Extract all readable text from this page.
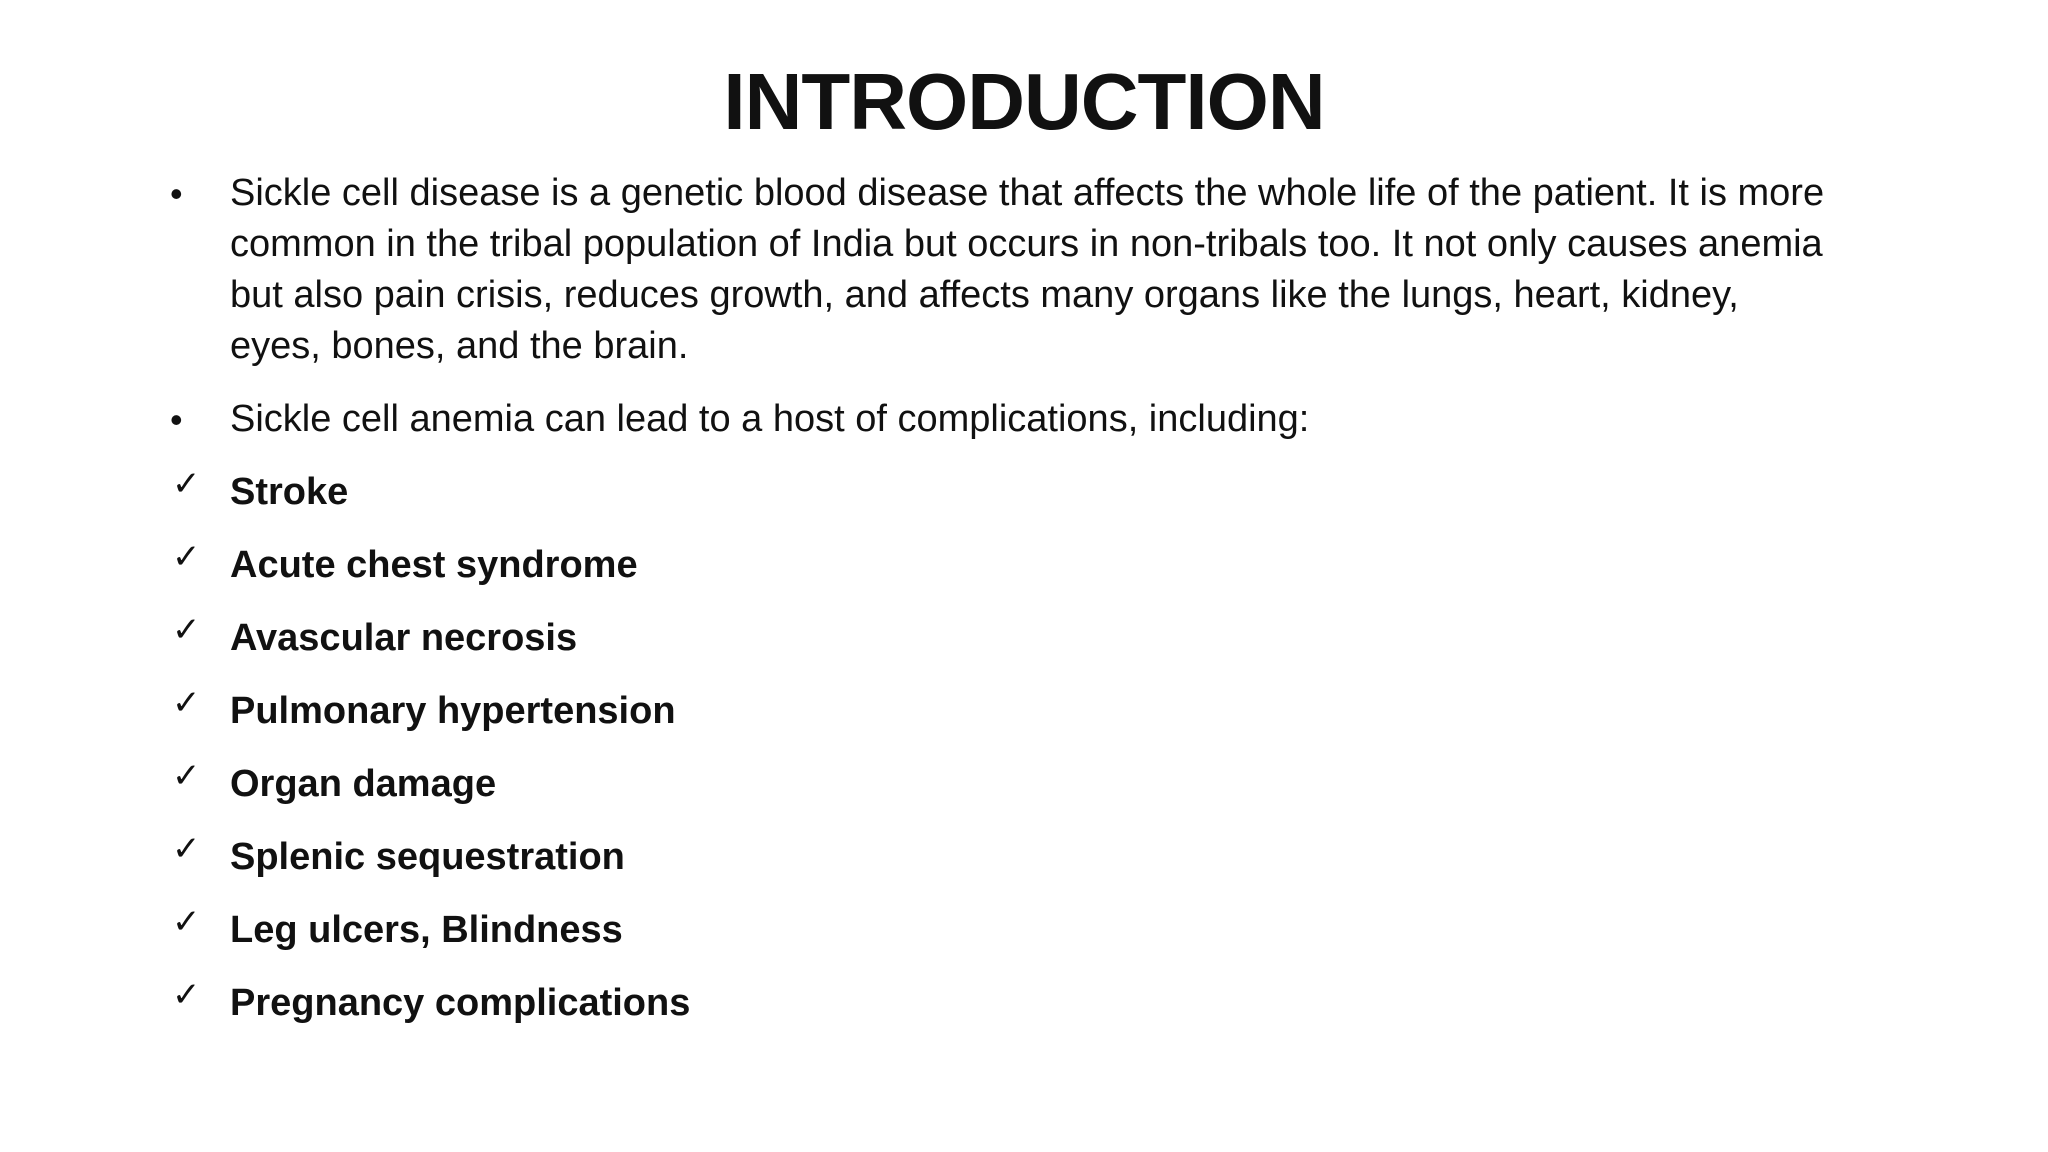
INTRODUCTION
•	Sickle cell disease is a genetic blood disease that affects the whole life of the patient. It is more common in the tribal population of India but occurs in non-tribals too. It not only causes anemia but also pain crisis, reduces growth, and affects many organs like the lungs, heart, kidney, eyes, bones, and the brain.
•	Sickle cell anemia can lead to a host of complications, including:
✓ Stroke
✓ Acute chest syndrome
✓ Avascular necrosis
✓ Pulmonary hypertension
✓ Organ damage
✓ Splenic sequestration
✓ Leg ulcers, Blindness
✓ Pregnancy complications
